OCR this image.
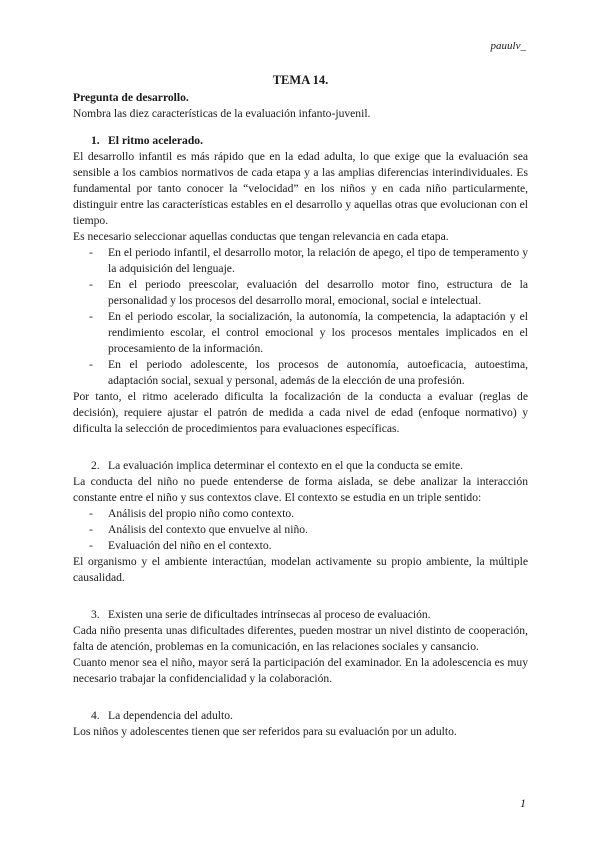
pauulv_
TEMA 14.

Pregunta de desarrollo.

Nombra las diez características de la evaluación infanto-juvenil.

1. El ritmo acelerado.

El desarrollo infantil es más rápido que en la edad adulta, lo que exige que la evaluación sea sensible a los cambios normativos de cada etapa y a las amplias diferencias interindividuales. Es fundamental por tanto conocer la “velocidad” en los niños y en cada niño particularmente, distinguir entre las características estables en el desarrollo y aquellas otras que evolucionan con el tiempo.

Es necesario seleccionar aquellas conductas que tengan relevancia en cada etapa.

- En el periodo infantil, el desarrollo motor, la relación de apego, el tipo de temperamento y la adquisición del lenguaje.
- En el periodo preescolar, evaluación del desarrollo motor fino, estructura de la personalidad y los procesos del desarrollo moral, emocional, social e intelectual.
- En el periodo escolar, la socialización, la autonomía, la competencia, la adaptación y el rendimiento escolar, el control emocional y los procesos mentales implicados en el procesamiento de la información.
- En el periodo adolescente, los procesos de autonomía, autoeficacia, autoestima, adaptación social, sexual y personal, además de la elección de una profesión.

Por tanto, el ritmo acelerado dificulta la focalización de la conducta a evaluar (reglas de decisión), requiere ajustar el patrón de medida a cada nivel de edad (enfoque normativo) y dificulta la selección de procedimientos para evaluaciones específicas.

2. La evaluación implica determinar el contexto en el que la conducta se emite.

La conducta del niño no puede entenderse de forma aislada, se debe analizar la interacción constante entre el niño y sus contextos clave. El contexto se estudia en un triple sentido:

- Análisis del propio niño como contexto.
- Análisis del contexto que envuelve al niño.
- Evaluación del niño en el contexto.

El organismo y el ambiente interactúan, modelan activamente su propio ambiente, la múltiple causalidad.

3. Existen una serie de dificultades intrínsecas al proceso de evaluación.

Cada niño presenta unas dificultades diferentes, pueden mostrar un nivel distinto de cooperación, falta de atención, problemas en la comunicación, en las relaciones sociales y cansancio.

Cuanto menor sea el niño, mayor será la participación del examinador. En la adolescencia es muy necesario trabajar la confidencialidad y la colaboración.

4. La dependencia del adulto.

Los niños y adolescentes tienen que ser referidos para su evaluación por un adulto.

1
